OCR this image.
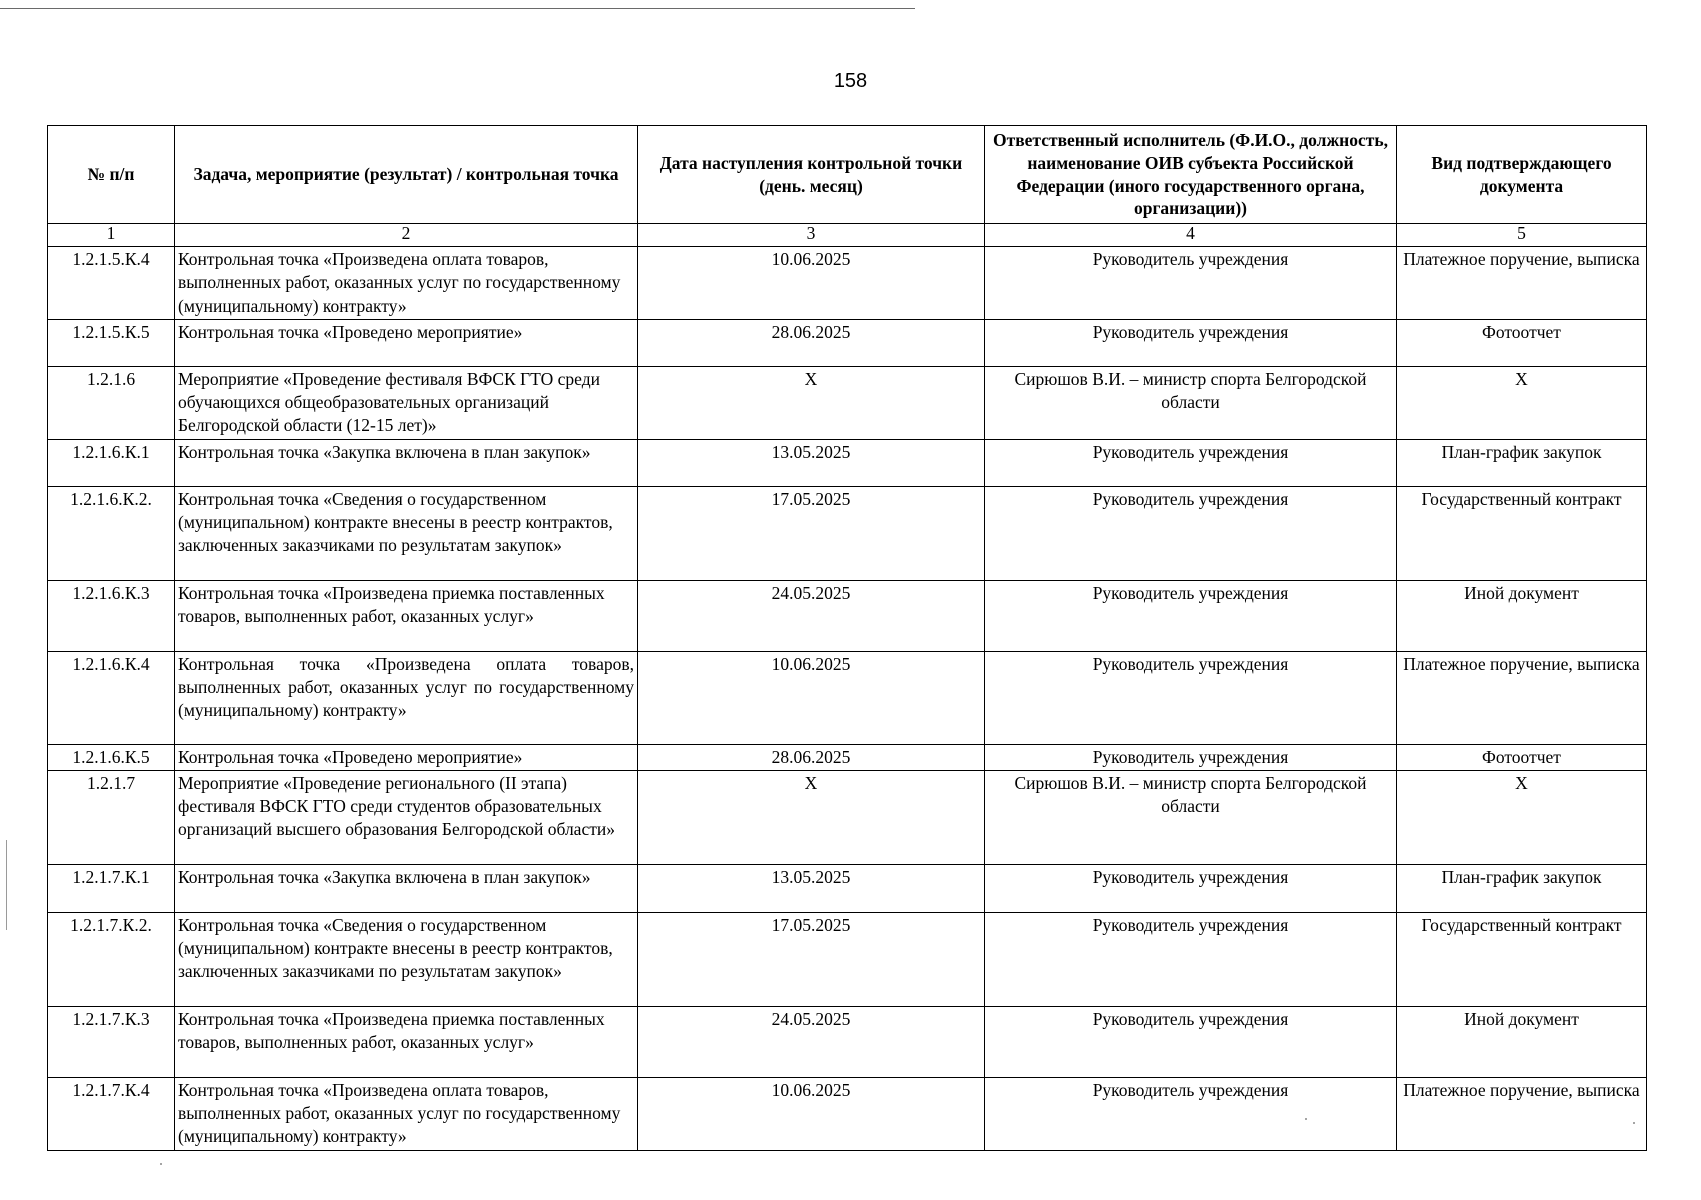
158
№ п/п	Задача, мероприятие (результат) / контрольная точка	Дата наступления контрольной точки (день. месяц)	Ответственный исполнитель (Ф.И.О., должность, наименование ОИВ субъекта Российской Федерации (иного государственного органа, организации))	Вид подтверждающего документа
1	2	3	4	5
1.2.1.5.К.4	Контрольная точка «Произведена оплата товаров, выполненных работ, оказанных услуг по государственному (муниципальному) контракту»	10.06.2025	Руководитель учреждения	Платежное поручение, выписка
1.2.1.5.К.5	Контрольная точка «Проведено мероприятие»	28.06.2025	Руководитель учреждения	Фотоотчет
1.2.1.6	Мероприятие «Проведение фестиваля ВФСК ГТО среди обучающихся общеобразовательных организаций Белгородской области (12-15 лет)»	X	Сирюшов В.И. – министр спорта Белгородской области	X
1.2.1.6.К.1	Контрольная точка «Закупка включена в план закупок»	13.05.2025	Руководитель учреждения	План-график закупок
1.2.1.6.К.2.	Контрольная точка «Сведения о государственном (муниципальном) контракте внесены в реестр контрактов, заключенных заказчиками по результатам закупок»	17.05.2025	Руководитель учреждения	Государственный контракт
1.2.1.6.К.3	Контрольная точка «Произведена приемка поставленных товаров, выполненных работ, оказанных услуг»	24.05.2025	Руководитель учреждения	Иной документ
1.2.1.6.К.4	Контрольная точка «Произведена оплата товаров, выполненных работ, оказанных услуг по государственному (муниципальному) контракту»	10.06.2025	Руководитель учреждения	Платежное поручение, выписка
1.2.1.6.К.5	Контрольная точка «Проведено мероприятие»	28.06.2025	Руководитель учреждения	Фотоотчет
1.2.1.7	Мероприятие «Проведение регионального (II этапа) фестиваля ВФСК ГТО среди студентов образовательных организаций высшего образования Белгородской области»	X	Сирюшов В.И. – министр спорта Белгородской области	X
1.2.1.7.К.1	Контрольная точка «Закупка включена в план закупок»	13.05.2025	Руководитель учреждения	План-график закупок
1.2.1.7.К.2.	Контрольная точка «Сведения о государственном (муниципальном) контракте внесены в реестр контрактов, заключенных заказчиками по результатам закупок»	17.05.2025	Руководитель учреждения	Государственный контракт
1.2.1.7.К.3	Контрольная точка «Произведена приемка поставленных товаров, выполненных работ, оказанных услуг»	24.05.2025	Руководитель учреждения	Иной документ
1.2.1.7.К.4	Контрольная точка «Произведена оплата товаров, выполненных работ, оказанных услуг по государственному (муниципальному) контракту»	10.06.2025	Руководитель учреждения	Платежное поручение, выписка
